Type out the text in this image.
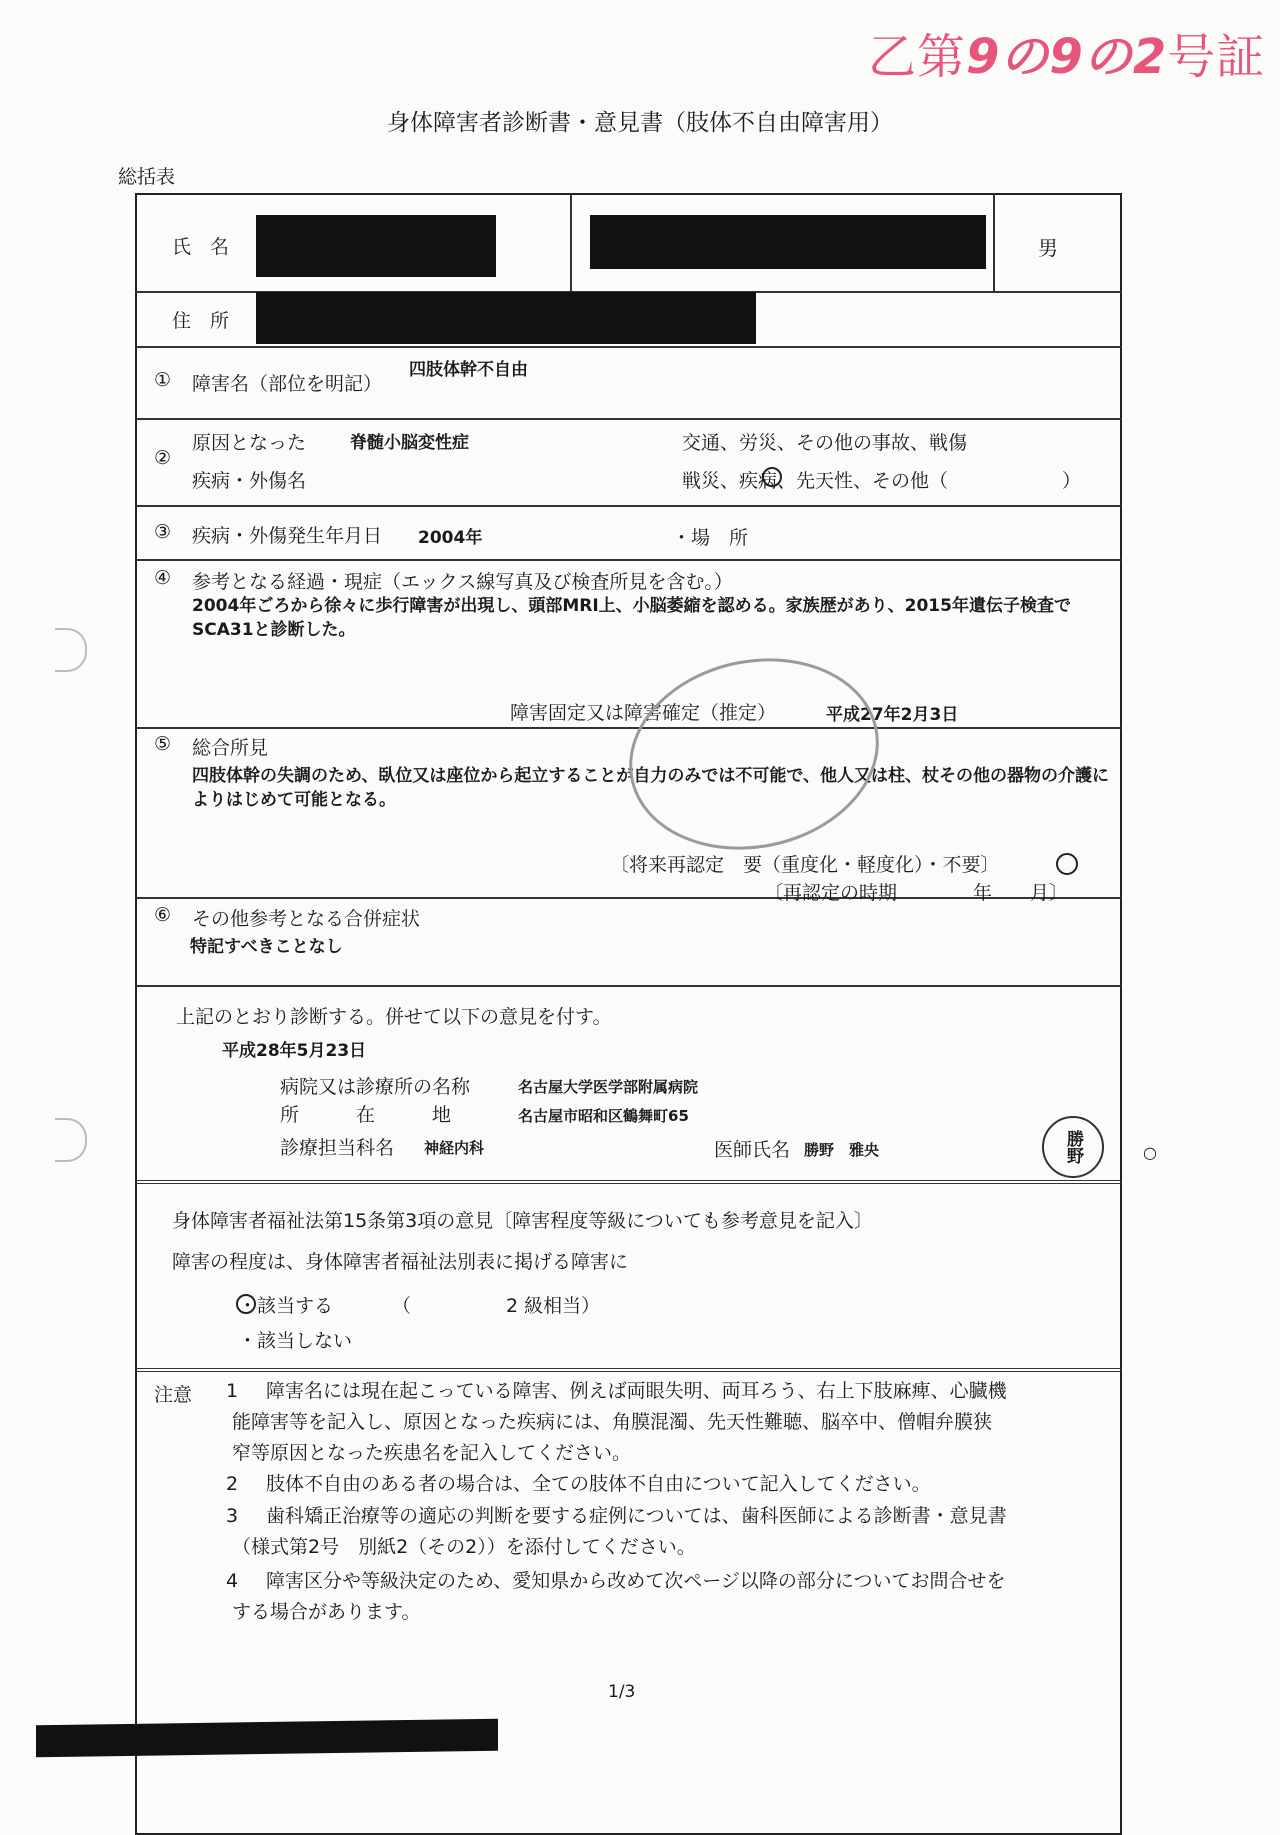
乙第9の9の2号証
身体障害者診断書・意見書（肢体不自由障害用）
総括表
氏　名	男
住　所
① 障害名（部位を明記）
四肢体幹不自由
②
原因となった
疾病・外傷名
脊髄小脳変性症	交通、労災、その他の事故、戦傷
戦災、疾病、先天性、その他（　　　　　　）
③ 疾病・外傷発生年月日 2004年	・場　所
④ 参考となる経過・現症（エックス線写真及び検査所見を含む。）
2004年ごろから徐々に歩行障害が出現し、頭部MRI上、小脳萎縮を認める。家族歴があり、2015年遺伝子検査でSCA31と診断した。
障害固定又は障害確定（推定）	平成27年2月3日
⑤ 総合所見
四肢体幹の失調のため、臥位又は座位から起立することが自力のみでは不可能で、他人又は柱、杖その他の器物の介護によりはじめて可能となる。
〔将来再認定　要（重度化・軽度化）・不要〕
〔再認定の時期　　　　年　　月〕
⑥ その他参考となる合併症状
特記すべきことなし
上記のとおり診断する。併せて以下の意見を付す。
平成28年5月23日
病院又は診療所の名称	名古屋大学医学部附属病院
所　　　在　　　地	名古屋市昭和区鶴舞町65
診療担当科名 神経内科	医師氏名 勝野　雅央	勝野	○
身体障害者福祉法第15条第3項の意見〔障害程度等級についても参考意見を記入〕
障害の程度は、身体障害者福祉法別表に掲げる障害に
・該当する	（　　　　　2 級相当）
・該当しない
注意 1 障害名には現在起こっている障害、例えば両眼失明、両耳ろう、右上下肢麻痺、心臓機
能障害等を記入し、原因となった疾病には、角膜混濁、先天性難聴、脳卒中、僧帽弁膜狭
窄等原因となった疾患名を記入してください。
2 肢体不自由のある者の場合は、全ての肢体不自由について記入してください。
3 歯科矯正治療等の適応の判断を要する症例については、歯科医師による診断書・意見書
（様式第2号　別紙2（その2））を添付してください。
4 障害区分や等級決定のため、愛知県から改めて次ページ以降の部分についてお問合せを
する場合があります。
1/3
